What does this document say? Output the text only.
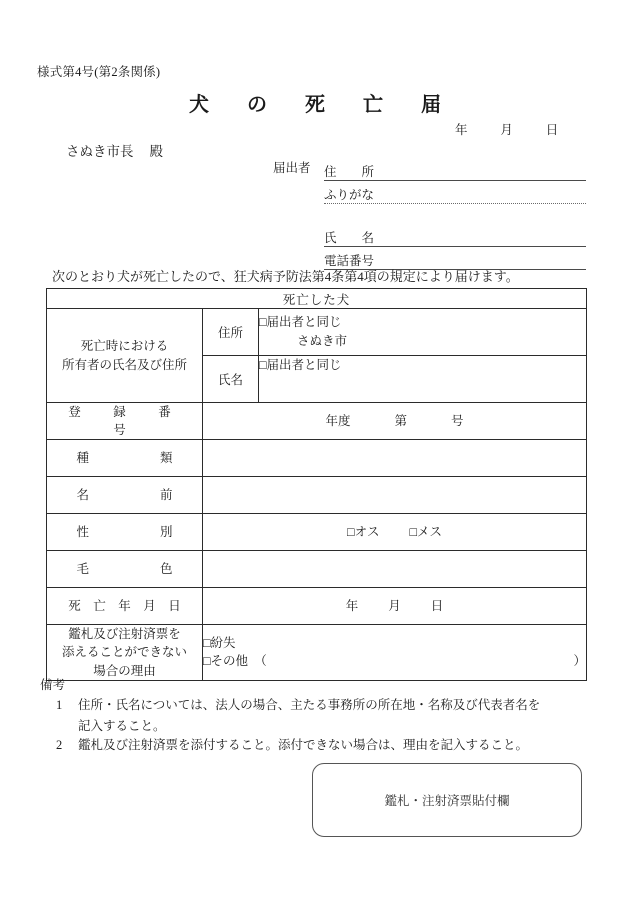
様式第4号(第2条関係)
犬　の　死　亡　届
年	月	日
さぬき市長 殿
届出者 住　　所
ふりがな
氏　　名
電話番号
次のとおり犬が死亡したので、狂犬病予防法第4条第4項の規定により届けます。
死亡した犬		

死亡時における
所有者の氏名及び住所
	住所	
□届出者と同じ
さぬき市

	氏名	□届出者と同じ

登　録　番　号	年度 第 号	
種　　　　類		
名　　　　前		
性　　　　別	□オス □メス	
毛　　　　色		
死　亡　年　月　日	年 月 日	

鑑札及び注射済票を
添えることができない
場合の理由

□紛失
□その他　（	）
備考
1 住所・氏名については、法人の場合、主たる事務所の所在地・名称及び代表者名を
記入すること。
2 鑑札及び注射済票を添付すること。添付できない場合は、理由を記入すること。
鑑札・注射済票貼付欄
